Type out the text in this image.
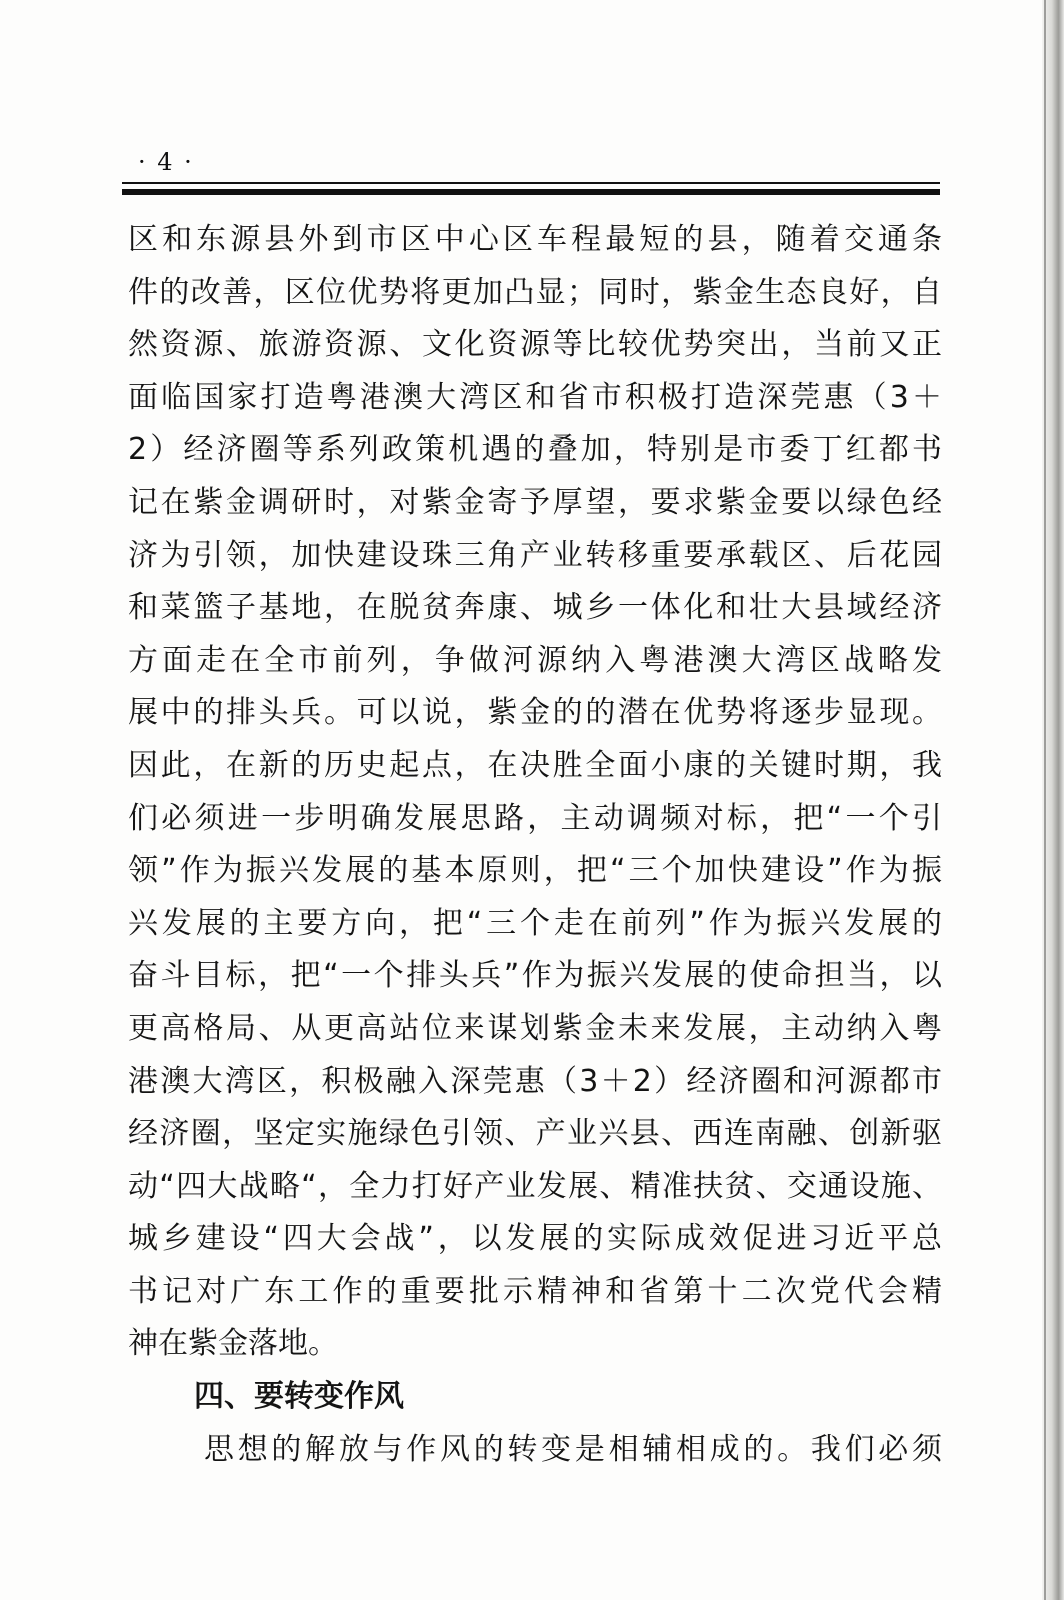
· 4 ·
区和东源县外到市区中心区车程最短的县，随着交通条
件的改善，区位优势将更加凸显；同时，紫金生态良好，自
然资源、旅游资源、文化资源等比较优势突出，当前又正
面临国家打造粤港澳大湾区和省市积极打造深莞惠（3＋
2）经济圈等系列政策机遇的叠加，特别是市委丁红都书
记在紫金调研时，对紫金寄予厚望，要求紫金要以绿色经
济为引领，加快建设珠三角产业转移重要承载区、后花园
和菜篮子基地，在脱贫奔康、城乡一体化和壮大县域经济
方面走在全市前列，争做河源纳入粤港澳大湾区战略发
展中的排头兵。可以说，紫金的的潜在优势将逐步显现。
因此，在新的历史起点，在决胜全面小康的关键时期，我
们必须进一步明确发展思路，主动调频对标，把“一个引
领”作为振兴发展的基本原则，把“三个加快建设”作为振
兴发展的主要方向，把“三个走在前列”作为振兴发展的
奋斗目标，把“一个排头兵”作为振兴发展的使命担当，以
更高格局、从更高站位来谋划紫金未来发展，主动纳入粤
港澳大湾区，积极融入深莞惠（3＋2）经济圈和河源都市
经济圈，坚定实施绿色引领、产业兴县、西连南融、创新驱
动“四大战略“，全力打好产业发展、精准扶贫、交通设施、
城乡建设“四大会战”，以发展的实际成效促进习近平总
书记对广东工作的重要批示精神和省第十二次党代会精
神在紫金落地。
四、要转变作风
思想的解放与作风的转变是相辅相成的。我们必须
